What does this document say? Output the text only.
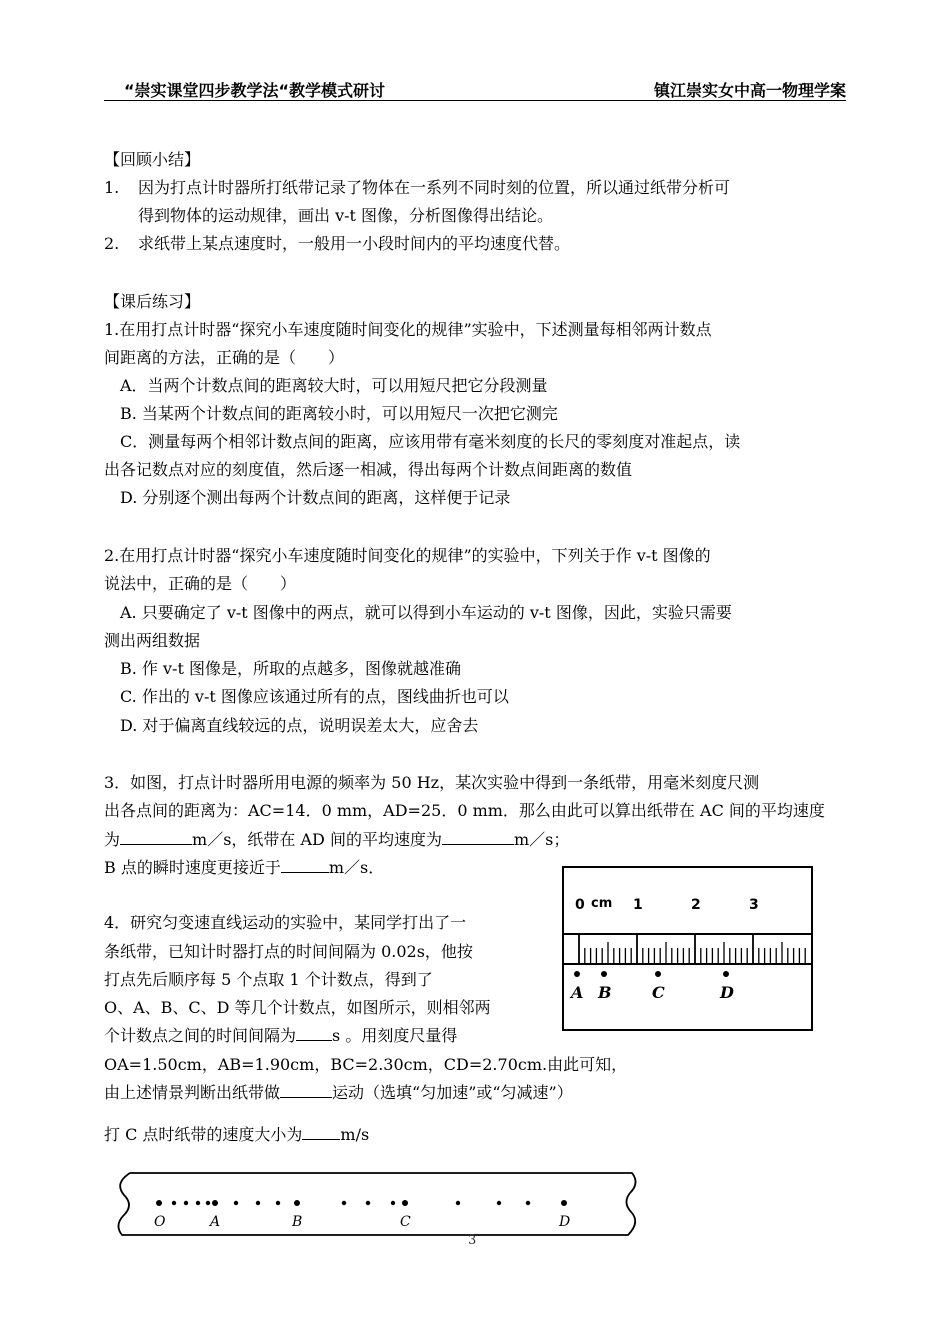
“崇实课堂四步教学法“教学模式研讨	镇江崇实女中高一物理学案
【回顾小结】
1. 因为打点计时器所打纸带记录了物体在一系列不同时刻的位置，所以通过纸带分析可
得到物体的运动规律，画出 v-t 图像，分析图像得出结论。
2. 求纸带上某点速度时，一般用一小段时间内的平均速度代替。
【课后练习】
1.在用打点计时器“探究小车速度随时间变化的规律”实验中，下述测量每相邻两计数点
间距离的方法，正确的是（　　）
A．当两个计数点间的距离较大时，可以用短尺把它分段测量
B. 当某两个计数点间的距离较小时，可以用短尺一次把它测完
C．测量每两个相邻计数点间的距离，应该用带有毫米刻度的长尺的零刻度对准起点，读
出各记数点对应的刻度值，然后逐一相减，得出每两个计数点间距离的数值
D. 分别逐个测出每两个计数点间的距离，这样便于记录
2.在用打点计时器“探究小车速度随时间变化的规律”的实验中，下列关于作 v-t 图像的
说法中，正确的是（　　）
A. 只要确定了 v-t 图像中的两点，就可以得到小车运动的 v-t 图像，因此，实验只需要
测出两组数据
B. 作 v-t 图像是，所取的点越多，图像就越准确
C. 作出的 v-t 图像应该通过所有的点，图线曲折也可以
D. 对于偏离直线较远的点，说明误差太大，应舍去
3．如图，打点计时器所用电源的频率为 50 Hz，某次实验中得到一条纸带，用毫米刻度尺测
出各点间的距离为：AC=14．0 mm，AD=25．0 mm．那么由此可以算出纸带在 AC 间的平均速度
为	m／s，纸带在 AD 间的平均速度为	m／s；
B 点的瞬时速度更接近于	m／s．
4．研究匀变速直线运动的实验中，某同学打出了一
条纸带，已知计时器打点的时间间隔为 0.02s，他按
打点先后顺序每 5 个点取 1 个计数点，得到了
O、A、B、C、D 等几个计数点，如图所示，则相邻两
个计数点之间的时间间隔为 s 。用刻度尺量得
OA=1.50cm，AB=1.90cm，BC=2.30cm，CD=2.70cm.由此可知，
由上述情景判断出纸带做	运动（选填“匀加速”或“匀减速”）
打 C 点时纸带的速度大小为 m/s
0	1	2	3
cm
A B	C	D
O	A	B	C	D
3
